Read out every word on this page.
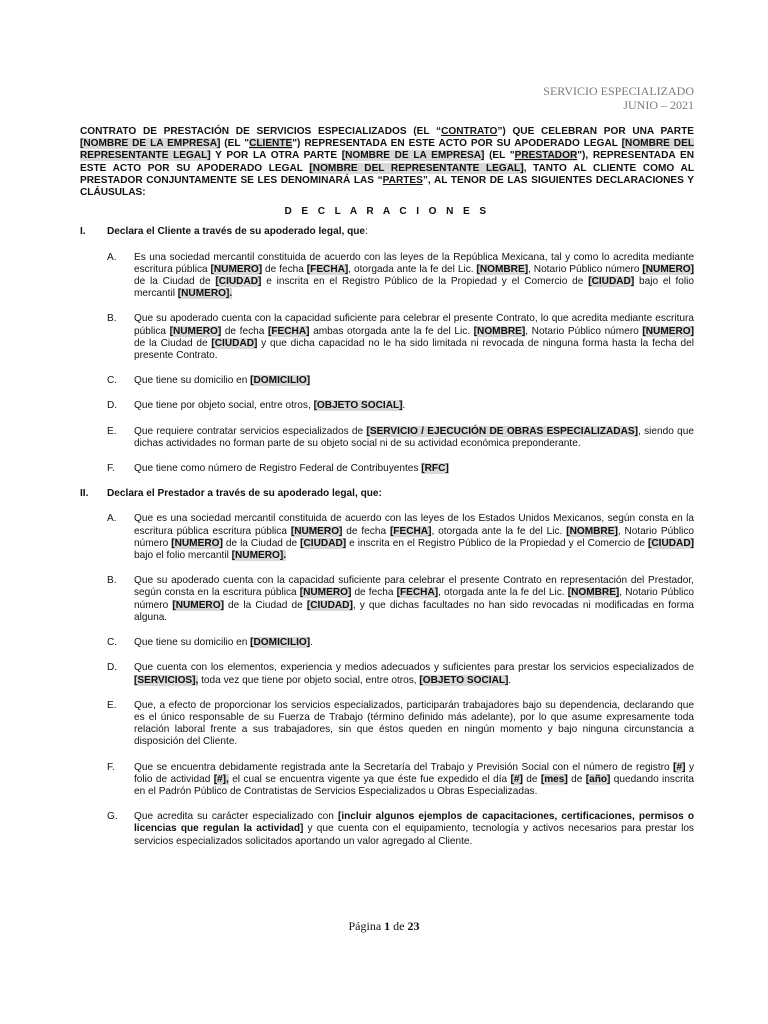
SERVICIO ESPECIALIZADO
JUNIO – 2021
CONTRATO DE PRESTACIÓN DE SERVICIOS ESPECIALIZADOS (EL “CONTRATO”) QUE CELEBRAN POR UNA PARTE [NOMBRE DE LA EMPRESA] (EL "CLIENTE") REPRESENTADA EN ESTE ACTO POR SU APODERADO LEGAL [NOMBRE DEL REPRESENTANTE LEGAL] Y POR LA OTRA PARTE [NOMBRE DE LA EMPRESA] (EL "PRESTADOR"), REPRESENTADA EN ESTE ACTO POR SU APODERADO LEGAL [NOMBRE DEL REPRESENTANTE LEGAL], TANTO AL CLIENTE COMO AL PRESTADOR CONJUNTAMENTE SE LES DENOMINARÁ LAS “PARTES”, AL TENOR DE LAS SIGUIENTES DECLARACIONES Y CLÁUSULAS:
D E C L A R A C I O N E S
I.	Declara el Cliente a través de su apoderado legal, que:
A.	Es una sociedad mercantil constituida de acuerdo con las leyes de la República Mexicana, tal y como lo acredita mediante escritura pública [NUMERO] de fecha [FECHA], otorgada ante la fe del Lic. [NOMBRE], Notario Público número [NUMERO] de la Ciudad de [CIUDAD] e inscrita en el Registro Público de la Propiedad y el Comercio de [CIUDAD] bajo el folio mercantil [NUMERO].
B.	Que su apoderado cuenta con la capacidad suficiente para celebrar el presente Contrato, lo que acredita mediante escritura pública [NUMERO] de fecha [FECHA] ambas otorgada ante la fe del Lic. [NOMBRE], Notario Público número [NUMERO] de la Ciudad de [CIUDAD] y que dicha capacidad no le ha sido limitada ni revocada de ninguna forma hasta la fecha del presente Contrato.
C.	Que tiene su domicilio en [DOMICILIO]
D.	Que tiene por objeto social, entre otros, [OBJETO SOCIAL].
E.	Que requiere contratar servicios especializados de [SERVICIO / EJECUCIÓN DE OBRAS ESPECIALIZADAS], siendo que dichas actividades no forman parte de su objeto social ni de su actividad económica preponderante.
F.	Que tiene como número de Registro Federal de Contribuyentes [RFC]
II.	Declara el Prestador a través de su apoderado legal, que:
A.	Que es una sociedad mercantil constituida de acuerdo con las leyes de los Estados Unidos Mexicanos, según consta en la escritura pública escritura pública [NUMERO] de fecha [FECHA], otorgada ante la fe del Lic. [NOMBRE], Notario Público número [NUMERO] de la Ciudad de [CIUDAD] e inscrita en el Registro Público de la Propiedad y el Comercio de [CIUDAD] bajo el folio mercantil [NUMERO].
B.	Que su apoderado cuenta con la capacidad suficiente para celebrar el presente Contrato en representación del Prestador, según consta en la escritura pública [NUMERO] de fecha [FECHA], otorgada ante la fe del Lic. [NOMBRE], Notario Público número [NUMERO] de la Ciudad de [CIUDAD], y que dichas facultades no han sido revocadas ni modificadas en forma alguna.
C.	Que tiene su domicilio en [DOMICILIO].
D.	Que cuenta con los elementos, experiencia y medios adecuados y suficientes para prestar los servicios especializados de [SERVICIOS], toda vez que tiene por objeto social, entre otros, [OBJETO SOCIAL].
E.	Que, a efecto de proporcionar los servicios especializados, participarán trabajadores bajo su dependencia, declarando que es el único responsable de su Fuerza de Trabajo (término definido más adelante), por lo que asume expresamente toda relación laboral frente a sus trabajadores, sin que éstos queden en ningún momento y bajo ninguna circunstancia a disposición del Cliente.
F.	Que se encuentra debidamente registrada ante la Secretaría del Trabajo y Previsión Social con el número de registro [#] y folio de actividad [#], el cual se encuentra vigente ya que éste fue expedido el día [#] de [mes] de [año] quedando inscrita en el Padrón Público de Contratistas de Servicios Especializados u Obras Especializadas.
G.	Que acredita su carácter especializado con [incluir algunos ejemplos de capacitaciones, certificaciones, permisos o licencias que regulan la actividad] y que cuenta con el equipamiento, tecnología y activos necesarios para prestar los servicios especializados solicitados aportando un valor agregado al Cliente.
Página 1 de 23
